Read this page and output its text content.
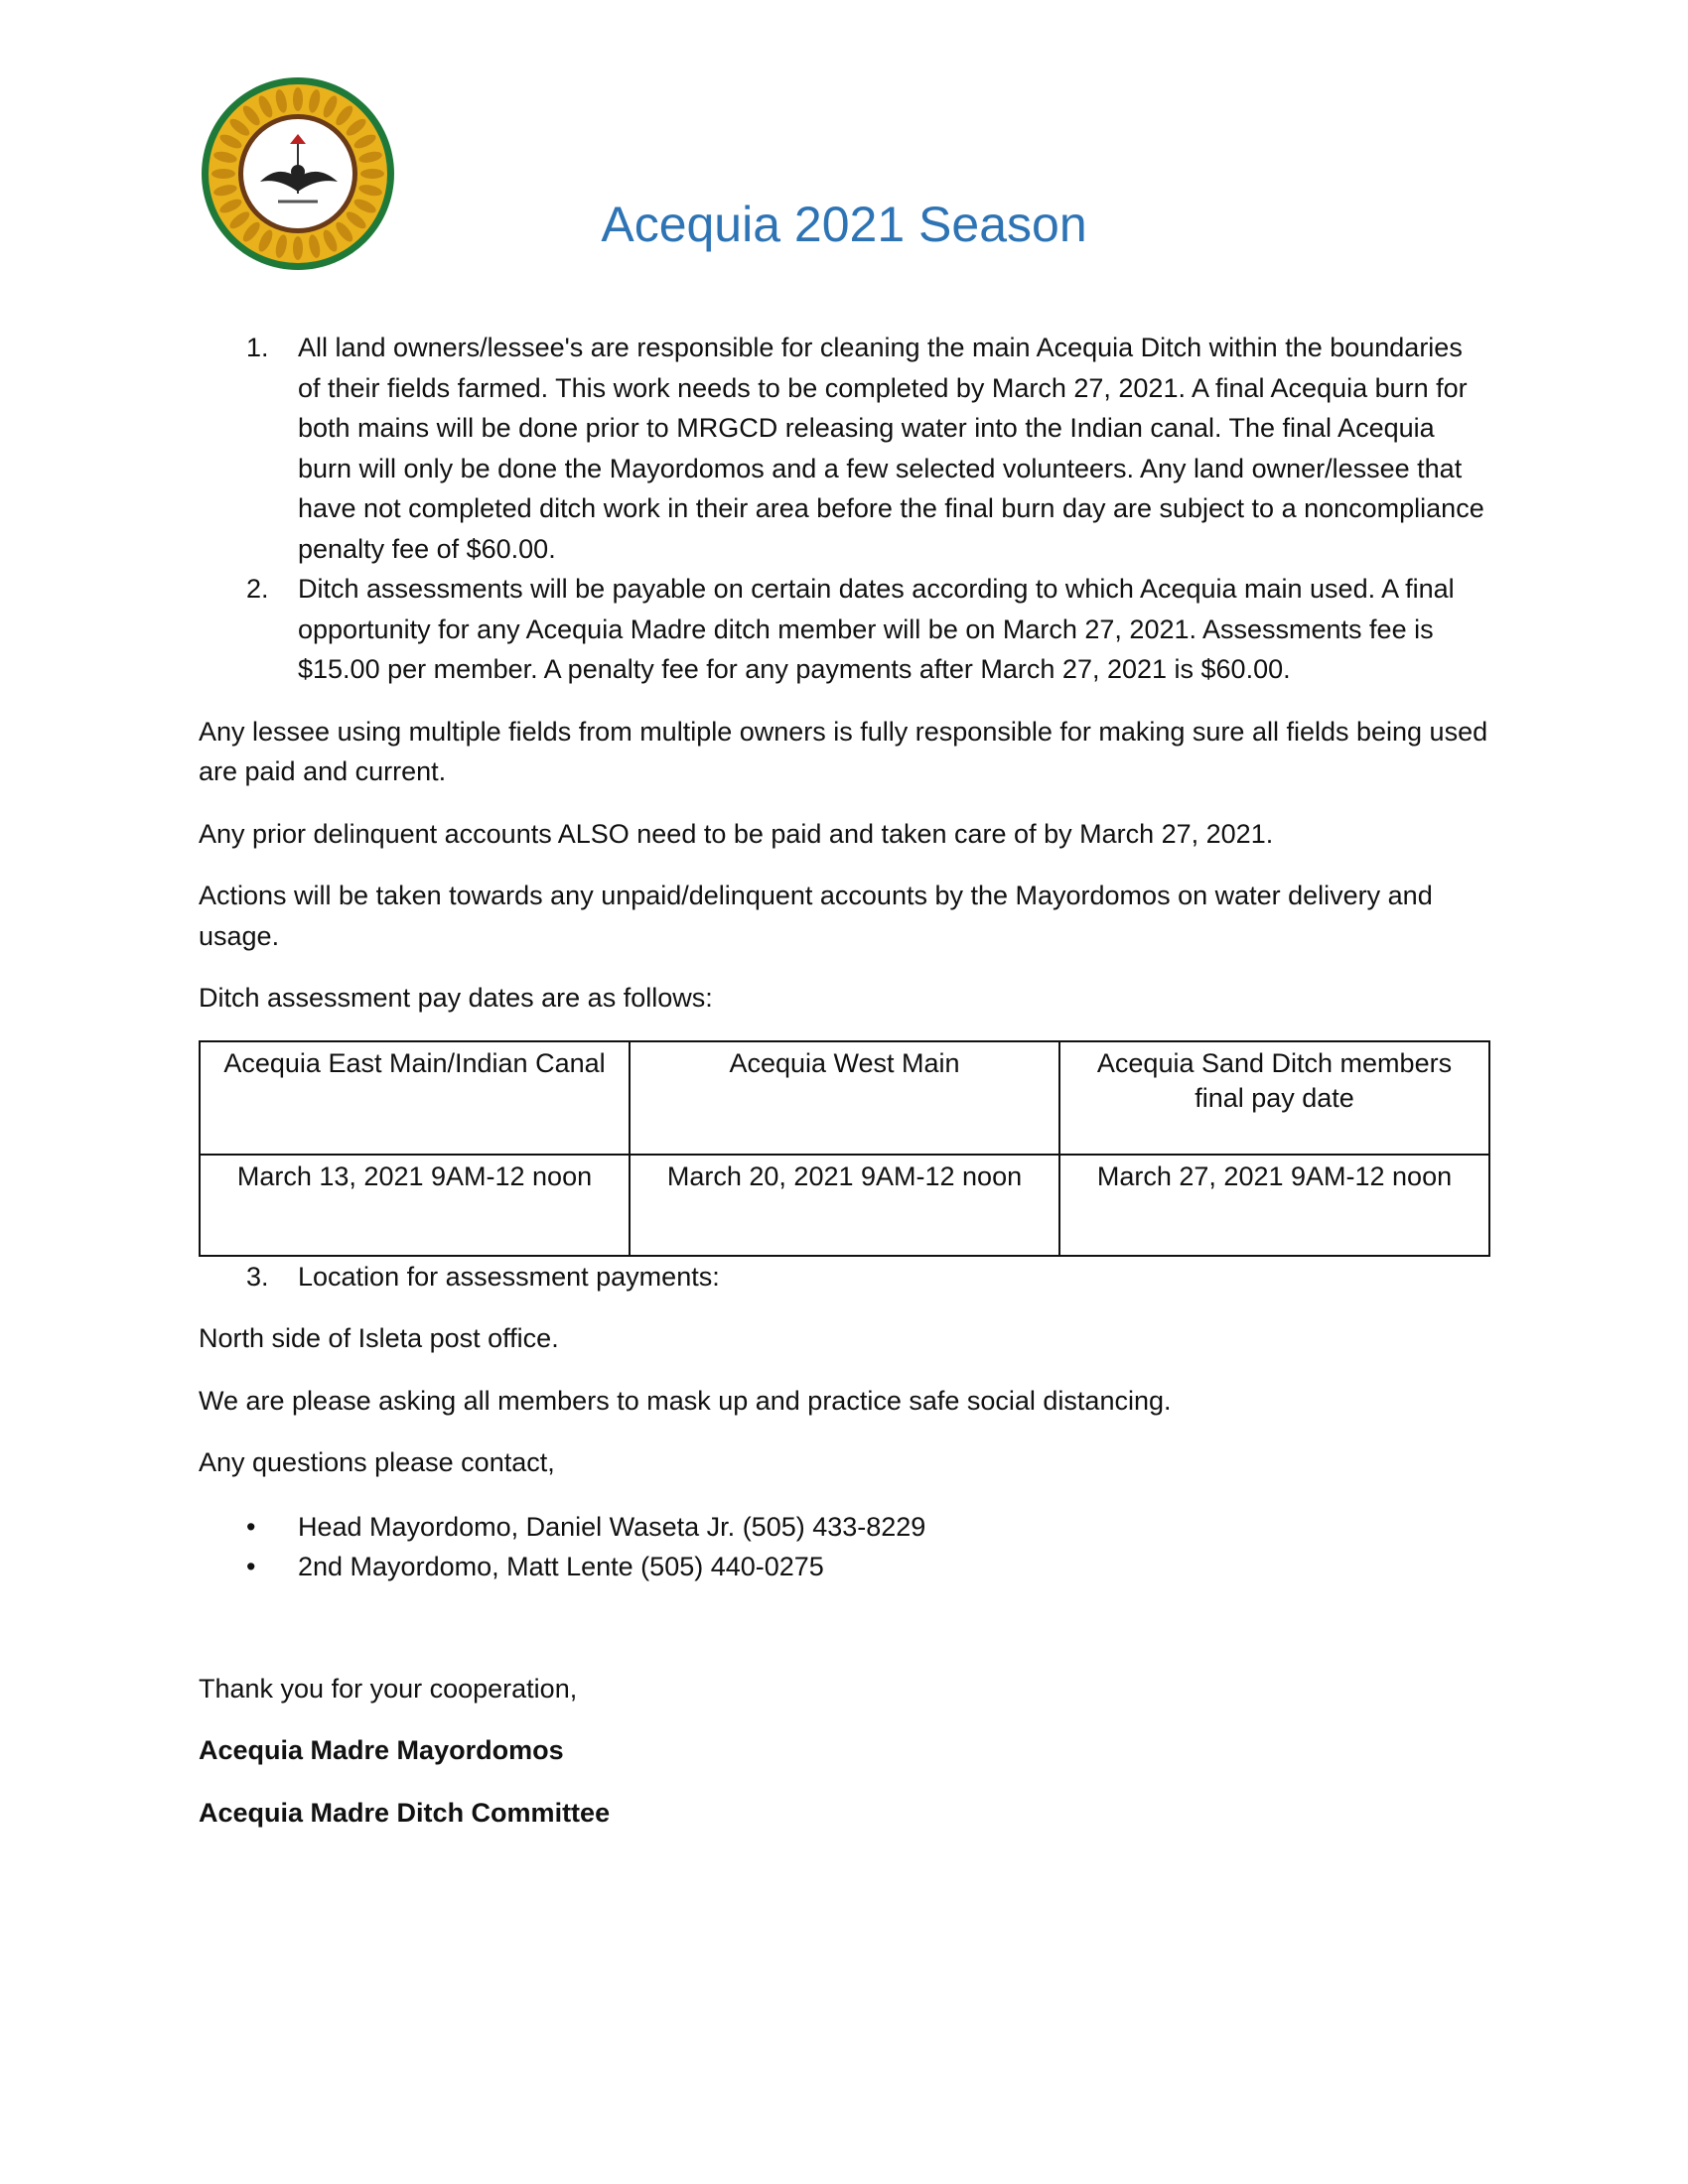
Acequia 2021 Season
1. All land owners/lessee's are responsible for cleaning the main Acequia Ditch within the boundaries of their fields farmed. This work needs to be completed by March 27, 2021. A final Acequia burn for both mains will be done prior to MRGCD releasing water into the Indian canal. The final Acequia burn will only be done the Mayordomos and a few selected volunteers. Any land owner/lessee that have not completed ditch work in their area before the final burn day are subject to a noncompliance penalty fee of $60.00.
2. Ditch assessments will be payable on certain dates according to which Acequia main used. A final opportunity for any Acequia Madre ditch member will be on March 27, 2021. Assessments fee is $15.00 per member. A penalty fee for any payments after March 27, 2021 is $60.00.

Any lessee using multiple fields from multiple owners is fully responsible for making sure all fields being used are paid and current.

Any prior delinquent accounts ALSO need to be paid and taken care of by March 27, 2021.

Actions will be taken towards any unpaid/delinquent accounts by the Mayordomos on water delivery and usage.

Ditch assessment pay dates are as follows:

Acequia East Main/Indian Canal	Acequia West Main	Acequia Sand Ditch members final pay date
March 13, 2021 9AM-12 noon	March 20, 2021 9AM-12 noon	March 27, 2021 9AM-12 noon
3. Location for assessment payments:

North side of Isleta post office.

We are please asking all members to mask up and practice safe social distancing.

Any questions please contact,

• Head Mayordomo, Daniel Waseta Jr. (505) 433-8229
• 2nd Mayordomo, Matt Lente (505) 440-0275

Thank you for your cooperation,

Acequia Madre Mayordomos

Acequia Madre Ditch Committee
